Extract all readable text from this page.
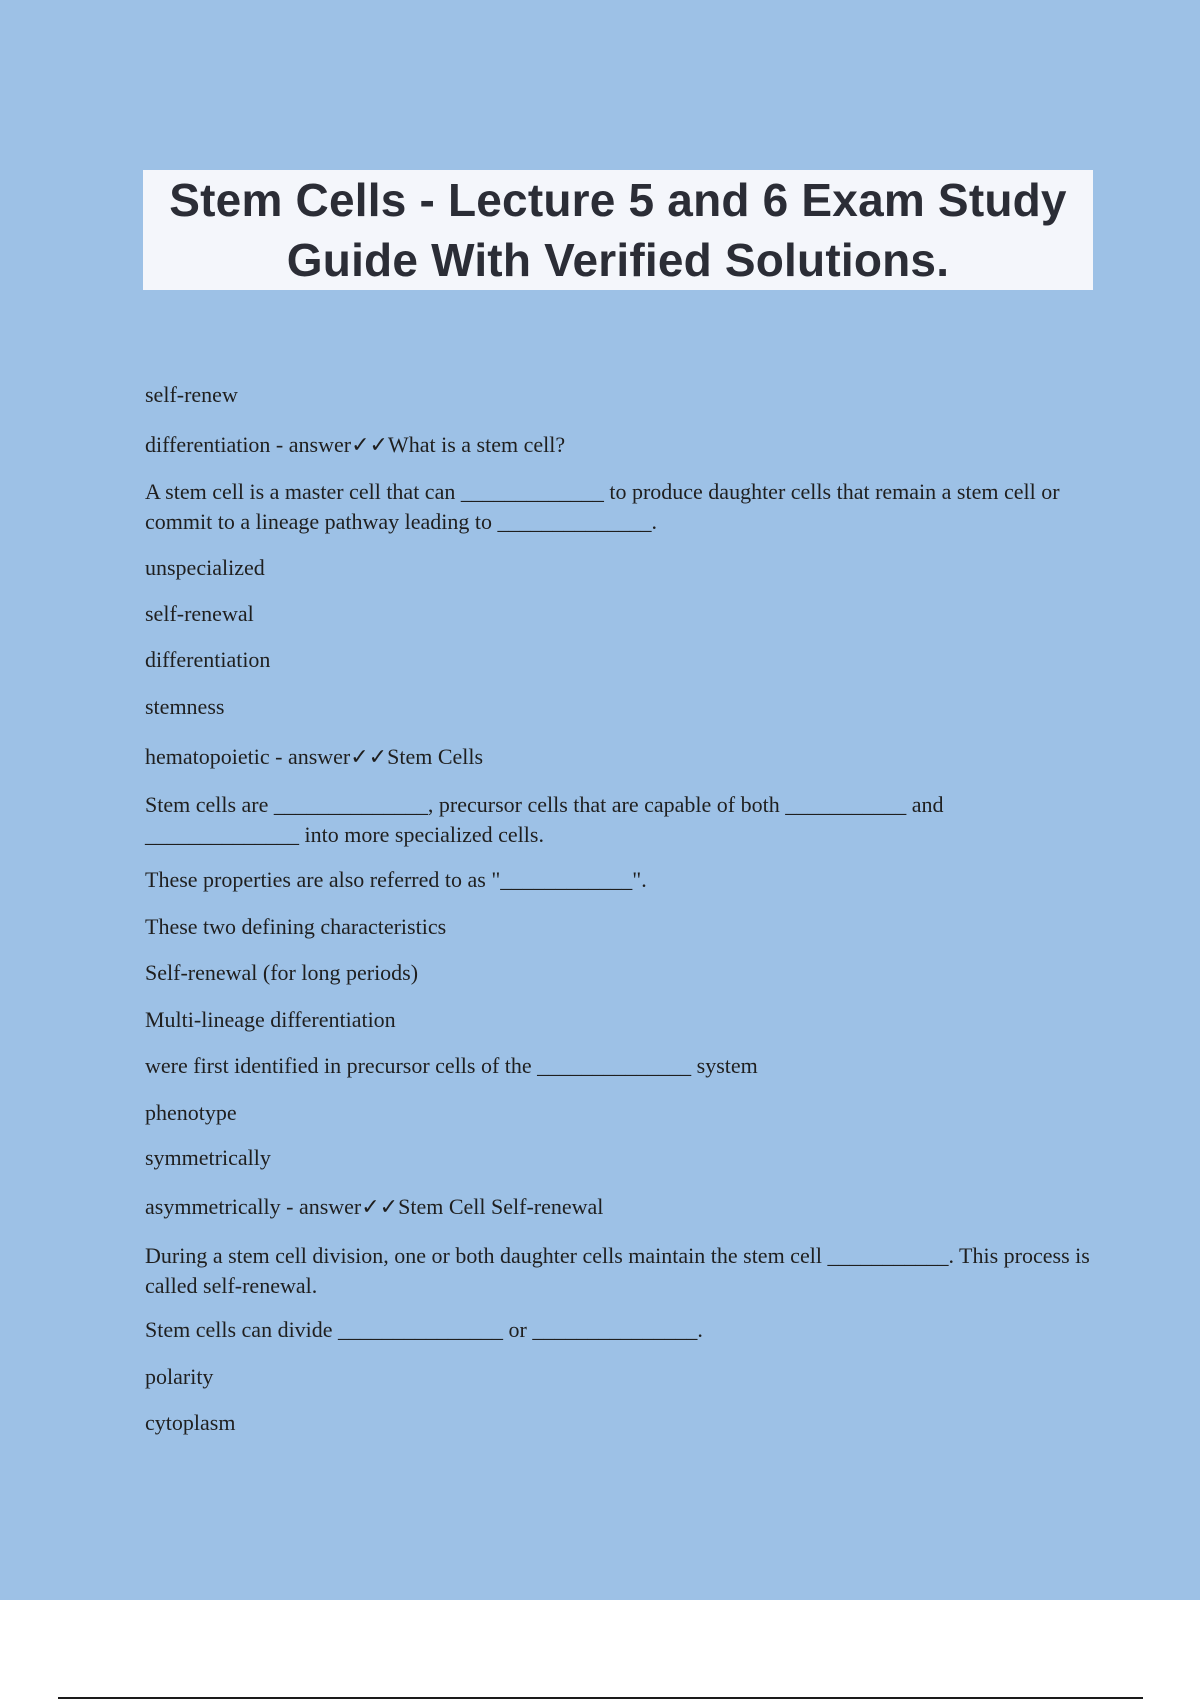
Stem Cells - Lecture 5 and 6 Exam Study Guide With Verified Solutions.

self-renew

differentiation - answer✓✓What is a stem cell?

A stem cell is a master cell that can _____________ to produce daughter cells that remain a stem cell or commit to a lineage pathway leading to ______________.

unspecialized

self-renewal

differentiation

stemness

hematopoietic - answer✓✓Stem Cells

Stem cells are ______________, precursor cells that are capable of both ___________ and ______________ into more specialized cells.

These properties are also referred to as "____________".

These two defining characteristics

Self-renewal (for long periods)

Multi-lineage differentiation

were first identified in precursor cells of the ______________ system

phenotype

symmetrically

asymmetrically - answer✓✓Stem Cell Self-renewal

During a stem cell division, one or both daughter cells maintain the stem cell ___________. This process is called self-renewal.

Stem cells can divide _______________ or _______________.

polarity

cytoplasm
